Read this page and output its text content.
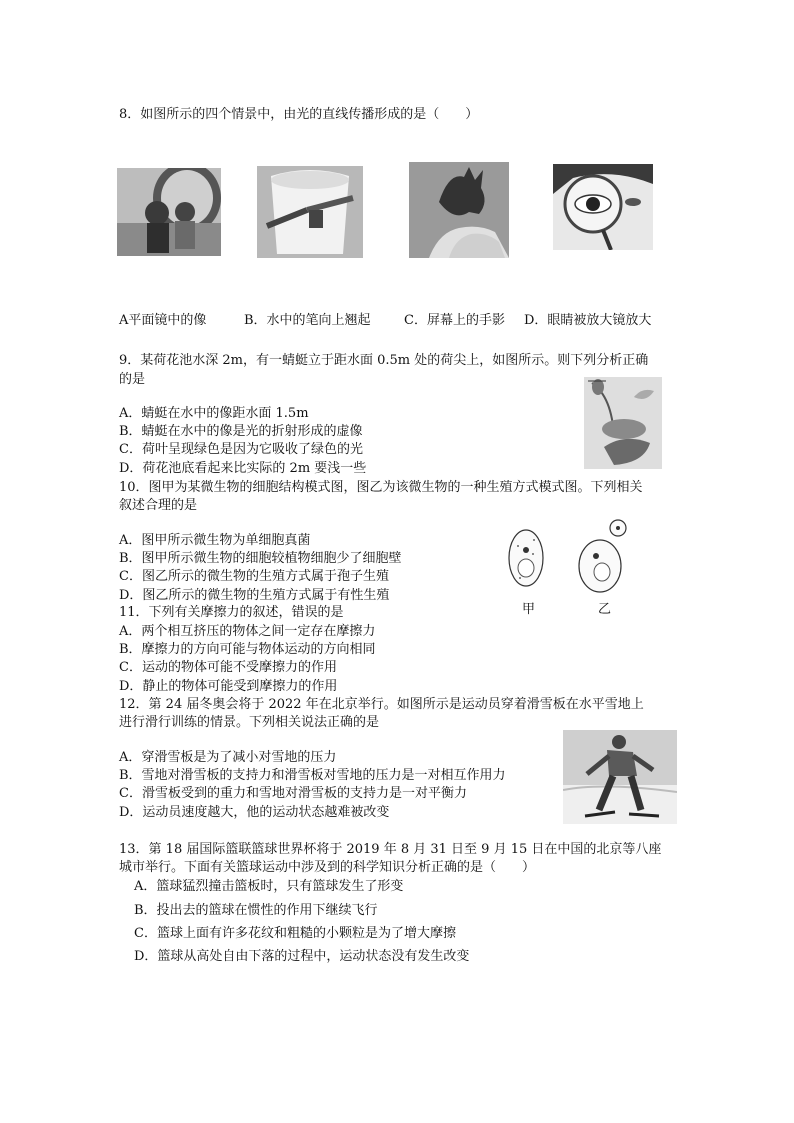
8．如图所示的四个情景中，由光的直线传播形成的是（　　）
A平面镜中的像	B．水中的笔向上翘起	C．屏幕上的手影 D．眼睛被放大镜放大
9．某荷花池水深 2m，有一蜻蜓立于距水面 0.5m 处的荷尖上，如图所示。则下列分析正确
的是
A．蜻蜓在水中的像距水面 1.5m
B．蜻蜓在水中的像是光的折射形成的虚像
C．荷叶呈现绿色是因为它吸收了绿色的光
D．荷花池底看起来比实际的 2m 要浅一些
10．图甲为某微生物的细胞结构模式图，图乙为该微生物的一种生殖方式模式图。下列相关
叙述合理的是
A．图甲所示微生物为单细胞真菌
B．图甲所示微生物的细胞较植物细胞少了细胞壁
C．图乙所示的微生物的生殖方式属于孢子生殖
D．图乙所示的微生物的生殖方式属于有性生殖
甲	乙
11．下列有关摩擦力的叙述，错误的是
A．两个相互挤压的物体之间一定存在摩擦力
B．摩擦力的方向可能与物体运动的方向相同
C．运动的物体可能不受摩擦力的作用
D．静止的物体可能受到摩擦力的作用
12．第 24 届冬奥会将于 2022 年在北京举行。如图所示是运动员穿着滑雪板在水平雪地上
进行滑行训练的情景。下列相关说法正确的是
A．穿滑雪板是为了减小对雪地的压力
B．雪地对滑雪板的支持力和滑雪板对雪地的压力是一对相互作用力
C．滑雪板受到的重力和雪地对滑雪板的支持力是一对平衡力
D．运动员速度越大，他的运动状态越难被改变
13．第 18 届国际篮联篮球世界杯将于 2019 年 8 月 31 日至 9 月 15 日在中国的北京等八座
城市举行。下面有关篮球运动中涉及到的科学知识分析正确的是（　　）
A．篮球猛烈撞击篮板时，只有篮球发生了形变
B．投出去的篮球在惯性的作用下继续飞行
C．篮球上面有许多花纹和粗糙的小颗粒是为了增大摩擦
D．篮球从高处自由下落的过程中，运动状态没有发生改变
